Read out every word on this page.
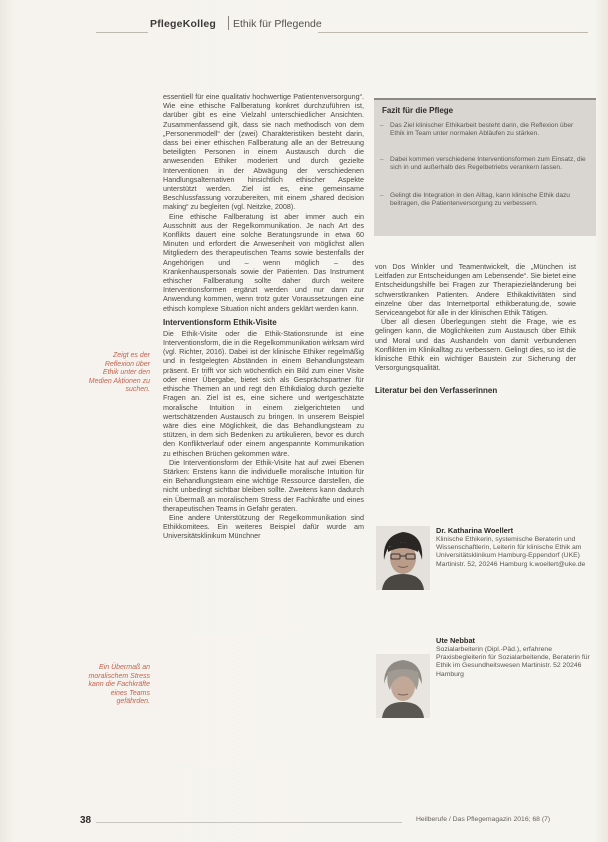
PflegeKolleg Ethik für Pflegende
Zeigt es der Reflexion über Ethik unter den Medien Aktionen zu suchen.
Ein Übermaß an moralischem Stress kann die Fachkräfte eines Teams gefährden.

essentiell für eine qualitativ hochwertige Patientenversorgung“. Wie eine ethische Fallberatung konkret durchzuführen ist, darüber gibt es eine Vielzahl unterschiedlicher Ansichten. Zusammenfassend gilt, dass sie nach methodisch von dem „Personenmodell“ der (zwei) Charakteristiken besteht darin, dass bei einer ethischen Fallberatung alle an der Betreuung beteiligten Personen in einem Austausch durch die anwesenden Ethiker moderiert und durch gezielte Interventionen in der Abwägung der verschiedenen Handlungsalternativen hinsichtlich ethischer Aspekte unterstützt werden. Ziel ist es, eine gemeinsame Beschlussfassung vorzubereiten, mit einem „shared decision making“ zu begleiten (vgl. Neitzke, 2008).

Eine ethische Fallberatung ist aber immer auch ein Ausschnitt aus der Regelkommunikation. Je nach Art des Konflikts dauert eine solche Beratungsrunde in etwa 60 Minuten und erfordert die Anwesenheit von möglichst allen Mitgliedern des therapeutischen Teams sowie bestenfalls der Angehörigen und – wenn möglich – des Krankenhauspersonals sowie der Patienten. Das Instrument ethischer Fallberatung sollte daher durch weitere Interventionsformen ergänzt werden und nur dann zur Anwendung kommen, wenn trotz guter Voraussetzungen eine ethisch komplexe Situation nicht anders geklärt werden kann.

Interventionsform Ethik-Visite

Die Ethik-Visite oder die Ethik-Stationsrunde ist eine Interventionsform, die in die Regelkommunikation wirksam wird (vgl. Richter, 2016). Dabei ist der klinische Ethiker regelmäßig und in festgelegten Abständen in einem Behandlungsteam präsent. Er trifft vor sich wöchentlich ein Bild zum einer Visite oder einer Übergabe, bietet sich als Gesprächspartner für ethische Themen an und regt den Ethikdialog durch gezielte Fragen an. Ziel ist es, eine sichere und wertgeschätzte moralische Intuition in einem zielgerichteten und wertschätzenden Austausch zu bringen. In unserem Beispiel wäre dies eine Möglichkeit, die das Behandlungsteam zu stützen, in dem sich Bedenken zu artikulieren, bevor es durch den Konfliktverlauf oder einem angespannte Kommunikation zu ethischen Brüchen gekommen wäre.

Die Interventionsform der Ethik-Visite hat auf zwei Ebenen Stärken: Erstens kann die individuelle moralische Intuition für ein Behandlungsteam eine wichtige Ressource darstellen, die nicht unbedingt sichtbar bleiben sollte. Zweitens kann dadurch ein Übermaß an moralischem Stress der Fachkräfte und eines therapeutischen Teams in Gefahr geraten.

Eine andere Unterstützung der Regelkommunikation sind Ethikkomitees. Ein weiteres Beispiel dafür wurde am Universitätsklinikum Münchner

Fazit für die Pflege
– Das Ziel klinischer Ethikarbeit besteht darin, die Reflexion über Ethik im Team unter normalen Abläufen zu stärken.
– Dabei kommen verschiedene Interventionsformen zum Einsatz, die sich in und außerhalb des Regelbetriebs verankern lassen.
– Gelingt die Integration in den Alltag, kann klinische Ethik dazu beitragen, die Patientenversorgung zu verbessern.

von Dos Winkler und Teamentwickelt, die „München ist Leitfaden zur Entscheidungen am Lebensende“. Sie bietet eine Entscheidungshilfe bei Fragen zur Therapiezieländerung bei schwerstkranken Patienten. Andere Ethikaktivitäten sind einzelne über das Internetportal ethikberatung.de, sowie Serviceangebot für alle in der klinischen Ethik Tätigen.

Über all diesen Überlegungen steht die Frage, wie es gelingen kann, die Möglichkeiten zum Austausch über Ethik und Moral und das Aushandeln von damit verbundenen Konflikten im Klinikalltag zu verbessern. Gelingt dies, so ist die klinische Ethik ein wichtiger Baustein zur Sicherung der Versorgungsqualität.

Literatur bei den Verfasserinnen
Dr. Katharina Woellert
Klinische Ethikerin, systemische Beraterin und Wissenschaftlerin, Leiterin für klinische Ethik am Universitätsklinikum Hamburg-Eppendorf (UKE) Martinistr. 52, 20246 Hamburg k.woellert@uke.de
Ute Nebbat
Sozialarbeiterin (Dipl.-Päd.), erfahrene Praxisbegleiterin für Sozialarbeitende, Beraterin für Ethik im Gesundheitswesen Martinistr. 52 20246 Hamburg
38	Heilberufe / Das Pflegemagazin 2016; 68 (7)
